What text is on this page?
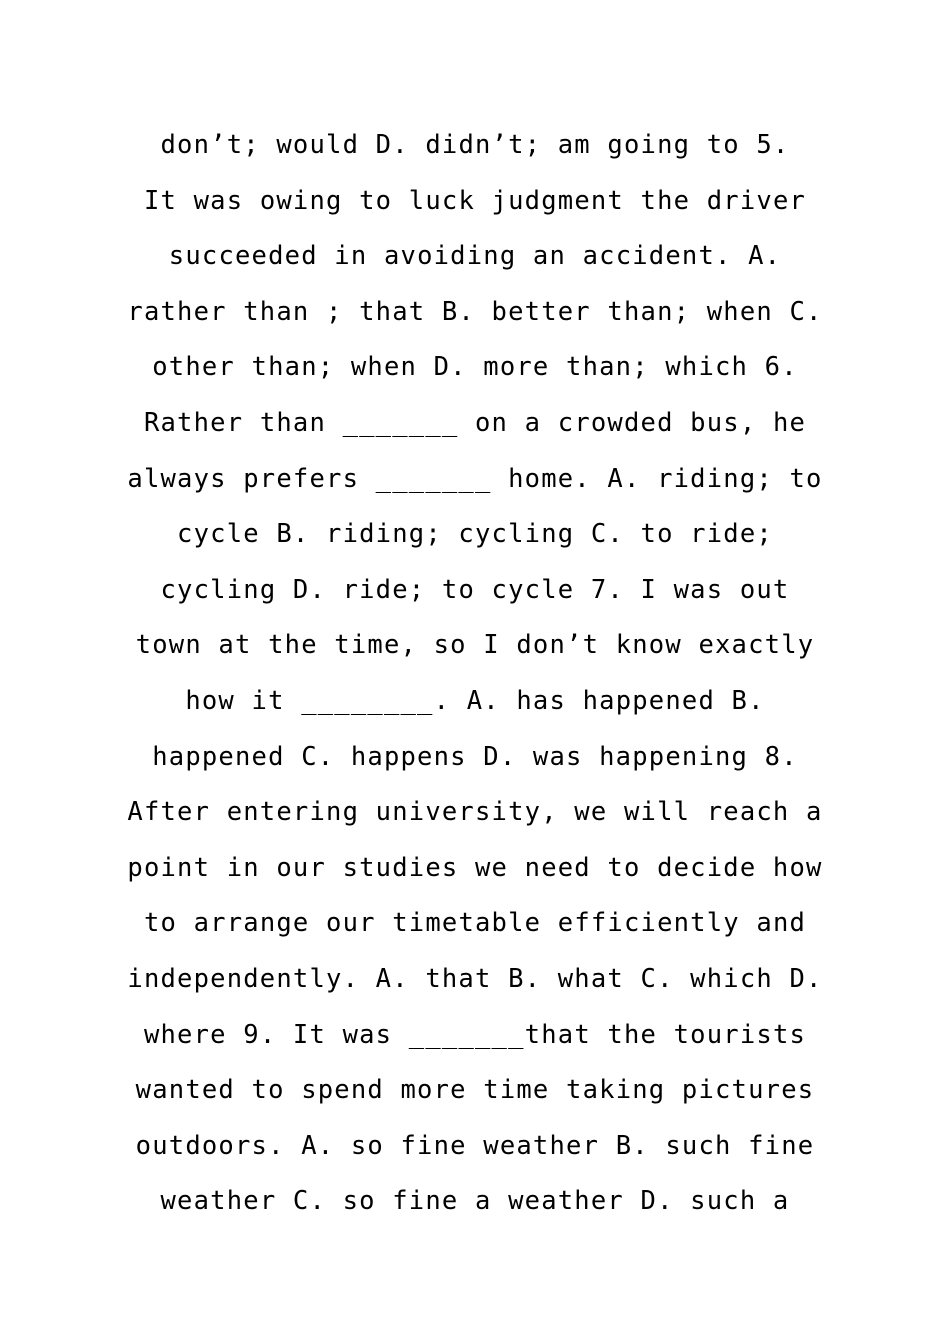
don’t; would D. didn’t; am going to 5.
It was owing to luck judgment the driver
succeeded in avoiding an accident. A.
rather than ; that B. better than; when C.
other than; when D. more than; which 6.
Rather than _______ on a crowded bus, he
always prefers _______ home. A. riding; to
cycle B. riding; cycling C. to ride;
cycling D. ride; to cycle 7. I was out
town at the time, so I don’t know exactly
how it ________. A. has happened B.
happened C. happens D. was happening 8.
After entering university, we will reach a
point in our studies we need to decide how
to arrange our timetable efficiently and
independently. A. that B. what C. which D.
where 9. It was _______that the tourists
wanted to spend more time taking pictures
outdoors. A. so fine weather B. such fine
weather C. so fine a weather D. such a
